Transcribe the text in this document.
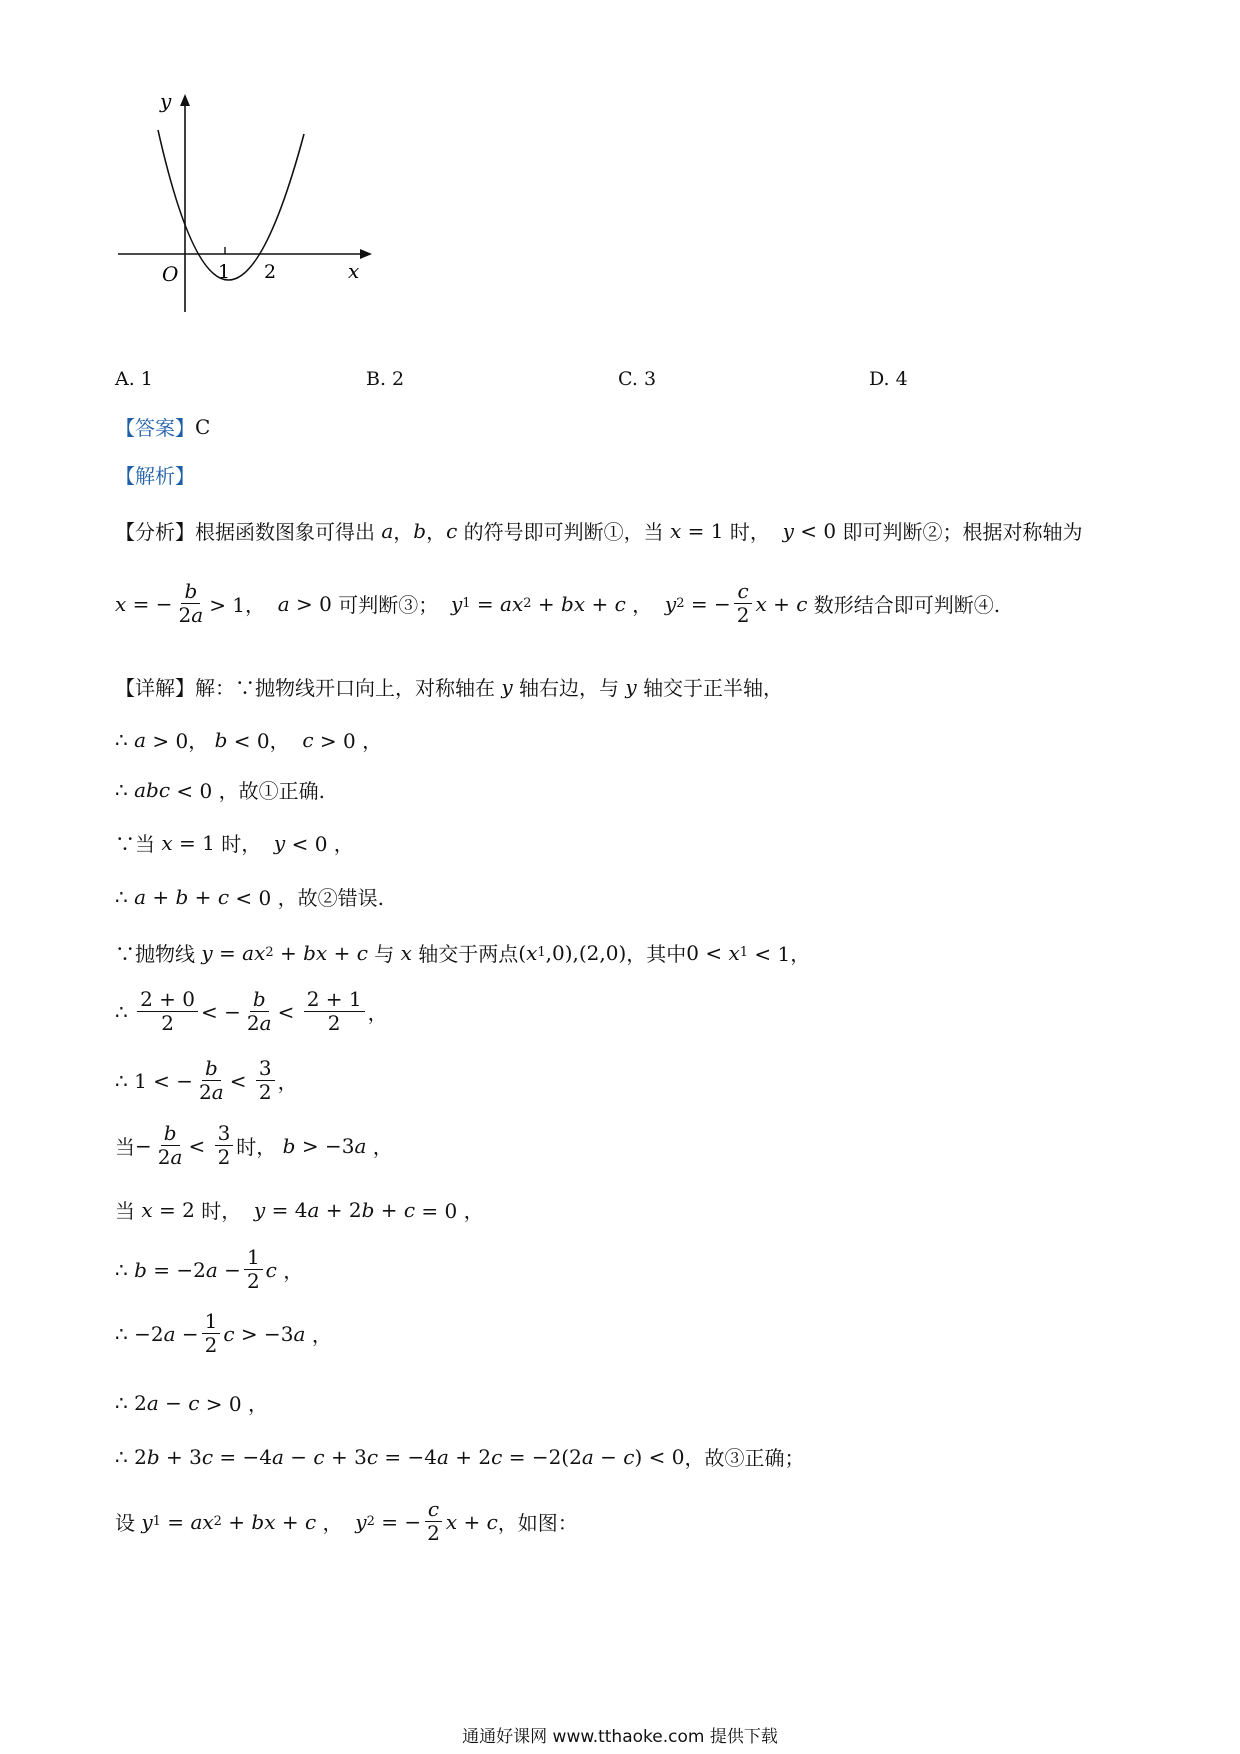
y
x
O 1 2
A. 1	B. 2	C. 3	D. 4
【答案】 C
【解析】
【分析】 根据函数图象可得出
a ， b ， c
的符号即可判断①，当
x = 1 时，
y < 0 即可判断②；根据对称轴为
x = − $\frac{b}{2a} > 1$， a > 0 可判断③；
y 1 = ax 2 + bx + c ， y 2 = − $\frac{c}{2}$ x + c
数形结合即可判断④.
【详解】 解：∵抛物线开口向上，对称轴在
y
轴右边，与
y
轴交于正半轴，
∴ a > 0， b < 0， c > 0 ，
∴ abc < 0 ， 故①正确.
∵当
x = 1 时，
y < 0 ，
∴ a + b + c < 0 ， 故②错误.
∵抛物线
y = ax 2 + bx + c
与
x
轴交于两点 ( x 1 ,0),(2,0) ，其中 0 < x 1 < 1，
∴ $\frac{2 + 0}{2}$ < − $\frac{b}{2a} < \frac{2 + 1}{2}$ ，
∴ 1 < − $\frac{b}{2a} < \frac{3}{2}$ ，
当 − $\frac{b}{2a} < \frac{3}{2}$ 时，
b > −3 a ，
当
x = 2 时，
y = 4 a + 2 b + c = 0 ，
∴ b = −2 $a - \frac{1}{2}$ c ，
∴ −2 $a - \frac{1}{2}$ c > −3 a ，
∴ 2 a − c > 0 ，
∴ 2 b + 3 c = −4 a − c + 3 c = −4 a + 2 c = −2(2 a − c ) < 0 ，故③正确；
设
y 1 = ax 2 + bx + c ， y 2 = − $\frac{c}{2}$ x + c ，如图：
通通好课网 www.tthaoke.com 提供下载
